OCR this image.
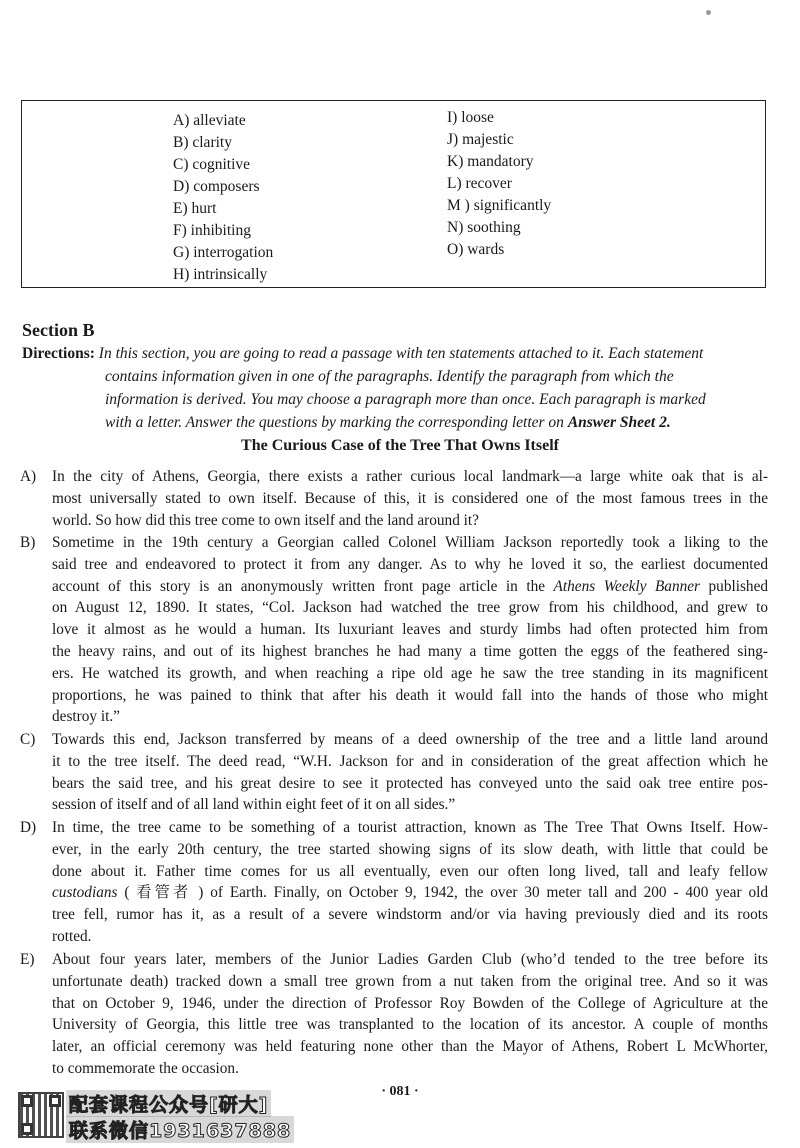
A) alleviate
B) clarity
C) cognitive
D) composers
E) hurt
F) inhibiting
G) interrogation
H) intrinsically
I) loose
J) majestic
K) mandatory
L) recover
M ) significantly
N) soothing
O) wards
Section B
Directions: In this section, you are going to read a passage with ten statements attached to it. Each statement
contains information given in one of the paragraphs. Identify the paragraph from which the
information is derived. You may choose a paragraph more than once. Each paragraph is marked
with a letter. Answer the questions by marking the corresponding letter on Answer Sheet 2.
The Curious Case of the Tree That Owns Itself
A)	In the city of Athens, Georgia, there exists a rather curious local landmark—a large white oak that is al-
most universally stated to own itself. Because of this, it is considered one of the most famous trees in the
world. So how did this tree come to own itself and the land around it?
B)	Sometime in the 19th century a Georgian called Colonel William Jackson reportedly took a liking to the
said tree and endeavored to protect it from any danger. As to why he loved it so, the earliest documented
account of this story is an anonymously written front page article in the Athens Weekly Banner published
on August 12, 1890. It states, “Col. Jackson had watched the tree grow from his childhood, and grew to
love it almost as he would a human. Its luxuriant leaves and sturdy limbs had often protected him from
the heavy rains, and out of its highest branches he had many a time gotten the eggs of the feathered sing-
ers. He watched its growth, and when reaching a ripe old age he saw the tree standing in its magnificent
proportions, he was pained to think that after his death it would fall into the hands of those who might
destroy it.”
C)	Towards this end, Jackson transferred by means of a deed ownership of the tree and a little land around
it to the tree itself. The deed read, “W.H. Jackson for and in consideration of the great affection which he
bears the said tree, and his great desire to see it protected has conveyed unto the said oak tree entire pos-
session of itself and of all land within eight feet of it on all sides.”
D)	In time, the tree came to be something of a tourist attraction, known as The Tree That Owns Itself. How-
ever, in the early 20th century, the tree started showing signs of its slow death, with little that could be
done about it. Father time comes for us all eventually, even our often long lived, tall and leafy fellow
custodians ( 看管者 ) of Earth. Finally, on October 9, 1942, the over 30 meter tall and 200 - 400 year old
tree fell, rumor has it, as a result of a severe windstorm and/or via having previously died and its roots
rotted.
E)	About four years later, members of the Junior Ladies Garden Club (who’d tended to the tree before its
unfortunate death) tracked down a small tree grown from a nut taken from the original tree. And so it was
that on October 9, 1946, under the direction of Professor Roy Bowden of the College of Agriculture at the
University of Georgia, this little tree was transplanted to the location of its ancestor. A couple of months
later, an official ceremony was held featuring none other than the Mayor of Athens, Robert L McWhorter,
to commemorate the occasion.
· 081 ·
配套课程公众号[研大]
联系微信1931637888
